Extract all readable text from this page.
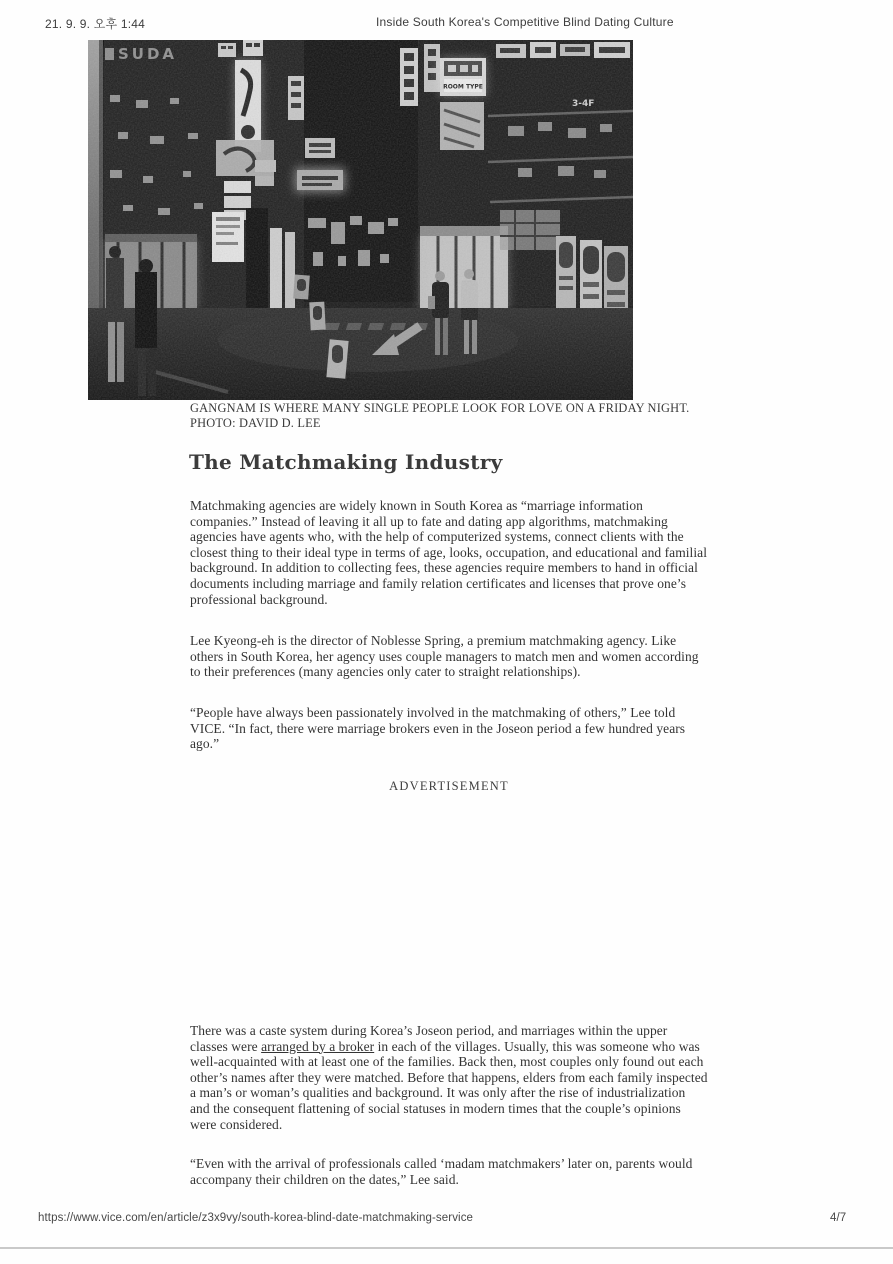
21. 9. 9. 오후 1:44	Inside South Korea's Competitive Blind Dating Culture
SUDA
ROOM TYPE
3-4F
GANGNAM IS WHERE MANY SINGLE PEOPLE LOOK FOR LOVE ON A FRIDAY NIGHT. PHOTO: DAVID D. LEE
The Matchmaking Industry

Matchmaking agencies are widely known in South Korea as “marriage information companies.” Instead of leaving it all up to fate and dating app algorithms, matchmaking agencies have agents who, with the help of computerized systems, connect clients with the closest thing to their ideal type in terms of age, looks, occupation, and educational and familial background. In addition to collecting fees, these agencies require members to hand in official documents including marriage and family relation certificates and licenses that prove one’s professional background.

Lee Kyeong-eh is the director of Noblesse Spring, a premium matchmaking agency. Like others in South Korea, her agency uses couple managers to match men and women according to their preferences (many agencies only cater to straight relationships).

“People have always been passionately involved in the matchmaking of others,” Lee told VICE. “In fact, there were marriage brokers even in the Joseon period a few hundred years ago.”

ADVERTISEMENT

There was a caste system during Korea’s Joseon period, and marriages within the upper classes were arranged by a broker in each of the villages. Usually, this was someone who was well-acquainted with at least one of the families. Back then, most couples only found out each other’s names after they were matched. Before that happens, elders from each family inspected a man’s or woman’s qualities and background. It was only after the rise of industrialization and the consequent flattening of social statuses in modern times that the couple’s opinions were considered.

“Even with the arrival of professionals called ‘madam matchmakers’ later on, parents would accompany their children on the dates,” Lee said.

https://www.vice.com/en/article/z3x9vy/south-korea-blind-date-matchmaking-service	4/7
